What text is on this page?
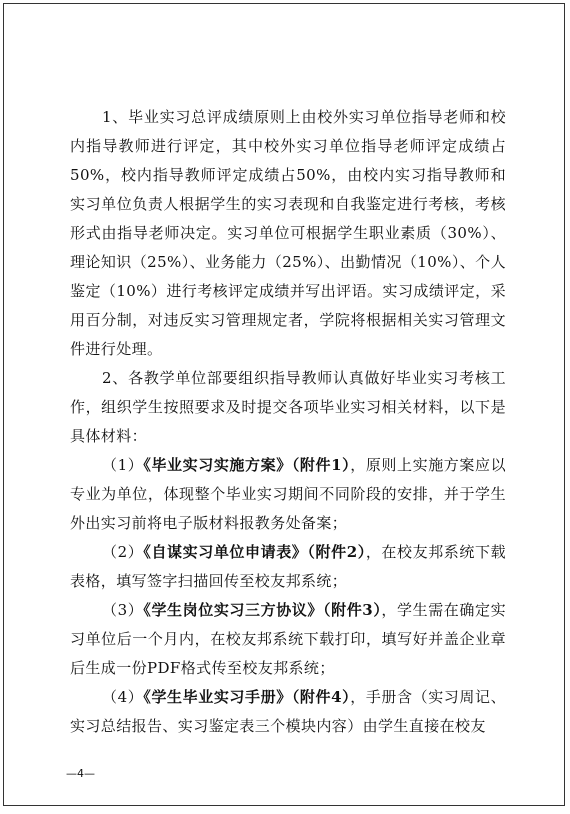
1、毕业实习总评成绩原则上由校外实习单位指导老师和校内指导教师进行评定，其中校外实习单位指导老师评定成绩占50%，校内指导教师评定成绩占50%，由校内实习指导教师和实习单位负责人根据学生的实习表现和自我鉴定进行考核，考核形式由指导老师决定。实习单位可根据学生职业素质（30%）、理论知识（25%）、业务能力（25%）、出勤情况（10%）、个人鉴定（10%）进行考核评定成绩并写出评语。实习成绩评定，采用百分制，对违反实习管理规定者，学院将根据相关实习管理文件进行处理。

2、各教学单位部要组织指导教师认真做好毕业实习考核工作，组织学生按照要求及时提交各项毕业实习相关材料，以下是具体材料：

（1）《毕业实习实施方案》（附件1），原则上实施方案应以专业为单位，体现整个毕业实习期间不同阶段的安排，并于学生外出实习前将电子版材料报教务处备案；

（2）《自谋实习单位申请表》（附件2），在校友邦系统下载表格，填写签字扫描回传至校友邦系统；

（3）《学生岗位实习三方协议》（附件3），学生需在确定实习单位后一个月内，在校友邦系统下载打印，填写好并盖企业章后生成一份PDF格式传至校友邦系统；

（4）《学生毕业实习手册》（附件4），手册含（实习周记、实习总结报告、实习鉴定表三个模块内容）由学生直接在校友

—4—
